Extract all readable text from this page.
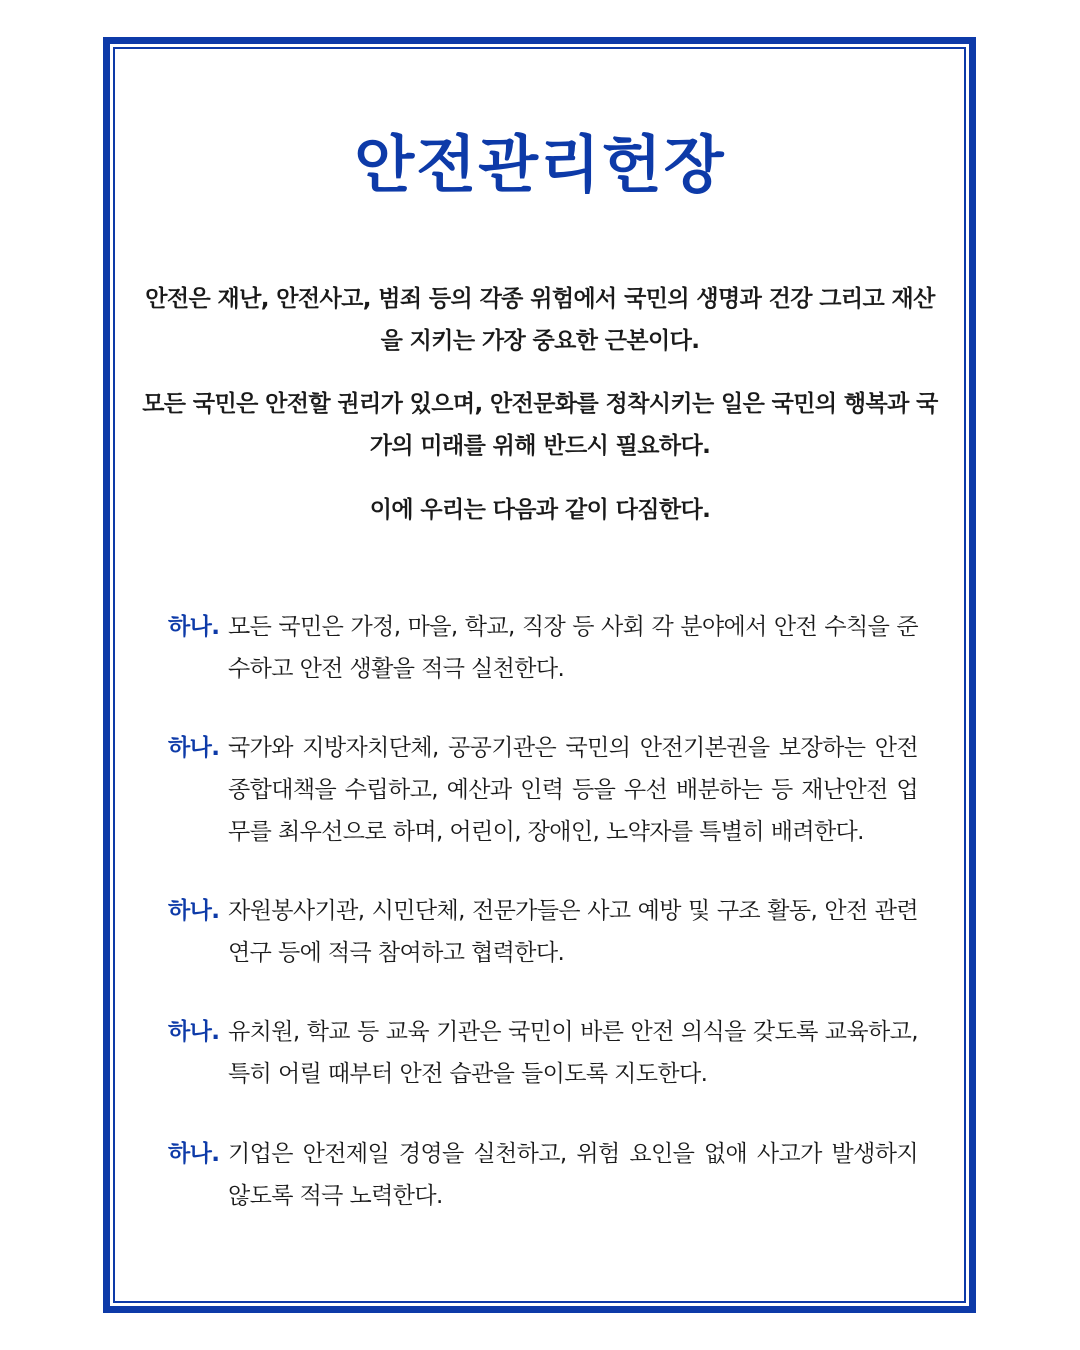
안전관리헌장

안전은 재난, 안전사고, 범죄 등의 각종 위험에서 국민의 생명과 건강 그리고 재산을 지키는 가장 중요한 근본이다.

모든 국민은 안전할 권리가 있으며, 안전문화를 정착시키는 일은 국민의 행복과 국가의 미래를 위해 반드시 필요하다.

이에 우리는 다음과 같이 다짐한다.

하나. 모든 국민은 가정, 마을, 학교, 직장 등 사회 각 분야에서 안전 수칙을 준수하고 안전 생활을 적극 실천한다.
하나. 국가와 지방자치단체, 공공기관은 국민의 안전기본권을 보장하는 안전종합대책을 수립하고, 예산과 인력 등을 우선 배분하는 등 재난안전 업무를 최우선으로 하며, 어린이, 장애인, 노약자를 특별히 배려한다.
하나. 자원봉사기관, 시민단체, 전문가들은 사고 예방 및 구조 활동, 안전 관련 연구 등에 적극 참여하고 협력한다.
하나. 유치원, 학교 등 교육 기관은 국민이 바른 안전 의식을 갖도록 교육하고, 특히 어릴 때부터 안전 습관을 들이도록 지도한다.
하나. 기업은 안전제일 경영을 실천하고, 위험 요인을 없애 사고가 발생하지 않도록 적극 노력한다.
